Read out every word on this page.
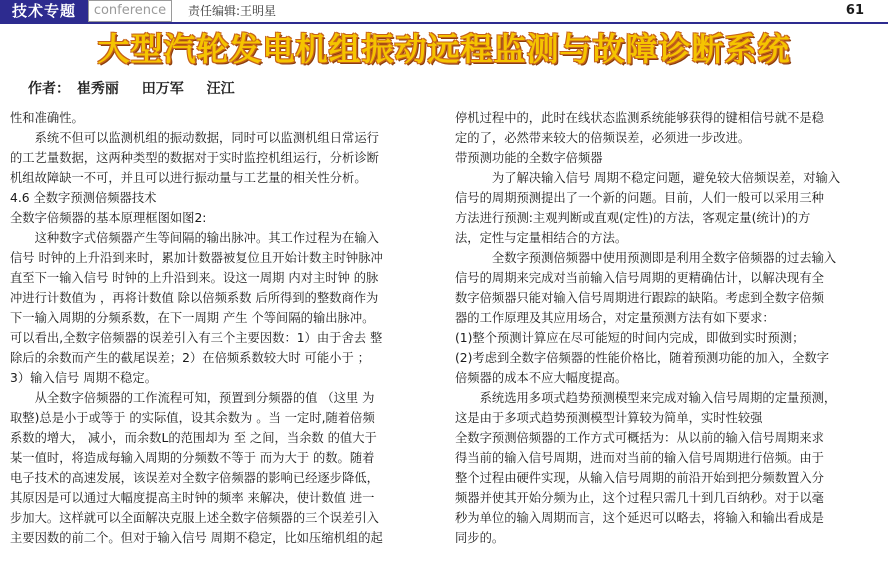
技术专题	conference	责任编辑:王明星	61
大型汽轮发电机组振动远程监测与故障诊断系统
作者： 崔秀丽 田万军 汪江

性和准确性。

　　系统不但可以监测机组的振动数据，同时可以监测机组日常运行

的工艺量数据，这两种类型的数据对于实时监控机组运行，分析诊断

机组故障缺一不可，并且可以进行振动量与工艺量的相关性分析。

4.6 全数字预测倍频器技术

全数字倍频器的基本原理框图如图2:

　　这种数字式倍频器产生等间隔的输出脉冲。其工作过程为在输入

信号 时钟的上升沿到来时，累加计数器被复位且开始计数主时钟脉冲

直至下一输入信号 时钟的上升沿到来。设这一周期 内对主时钟 的脉

冲进行计数值为 ，再将计数值 除以倍频系数 后所得到的整数商作为

下一输入周期的分频系数，在下一周期 产生 个等间隔的输出脉冲。

可以看出,全数字倍频器的误差引入有三个主要因数：1）由于舍去 整

除后的余数而产生的截尾误差；2）在倍频系数较大时 可能小于 ；

3）输入信号 周期不稳定。

　　从全数字倍频器的工作流程可知，预置到分频器的值 （这里 为

取整)总是小于或等于 的实际值，设其余数为 。当 一定时,随着倍频

系数的增大， 减小，而余数L的范围却为 至 之间，当余数 的值大于

某一值时，将造成每输入周期的分频数不等于 而为大于 的数。随着

电子技术的高速发展，该误差对全数字倍频器的影响已经逐步降低，

其原因是可以通过大幅度提高主时钟的频率 来解决，使计数值 进一

步加大。这样就可以全面解决克服上述全数字倍频器的三个误差引入

主要因数的前二个。但对于输入信号 周期不稳定，比如压缩机组的起

停机过程中的，此时在线状态监测系统能够获得的键相信号就不是稳

定的了，必然带来较大的倍频误差，必须进一步改进。

带预测功能的全数字倍频器

　　　为了解决输入信号 周期不稳定问题，避免较大倍频误差，对输入

信号的周期预测提出了一个新的问题。目前，人们一般可以采用三种

方法进行预测:主观判断或直观(定性)的方法，客观定量(统计)的方

法，定性与定量相结合的方法。

　　　全数字预测倍频器中使用预测即是利用全数字倍频器的过去输入

信号的周期来完成对当前输入信号周期的更精确估计，以解决现有全

数字倍频器只能对输入信号周期进行跟踪的缺陷。考虑到全数字倍频

器的工作原理及其应用场合，对定量预测方法有如下要求：

(1)整个预测计算应在尽可能短的时间内完成，即做到实时预测；

(2)考虑到全数字倍频器的性能价格比，随着预测功能的加入，全数字

倍频器的成本不应大幅度提高。

　　系统选用多项式趋势预测模型来完成对输入信号周期的定量预测，

这是由于多项式趋势预测模型计算较为简单，实时性较强

全数字预测倍频器的工作方式可概括为：从以前的输入信号周期来求

得当前的输入信号周期，进而对当前的输入信号周期进行倍频。由于

整个过程由硬件实现，从输入信号周期的前沿开始到把分频数置入分

频器并使其开始分频为止，这个过程只需几十到几百纳秒。对于以毫

秒为单位的输入周期而言，这个延迟可以略去，将输入和输出看成是

同步的。
